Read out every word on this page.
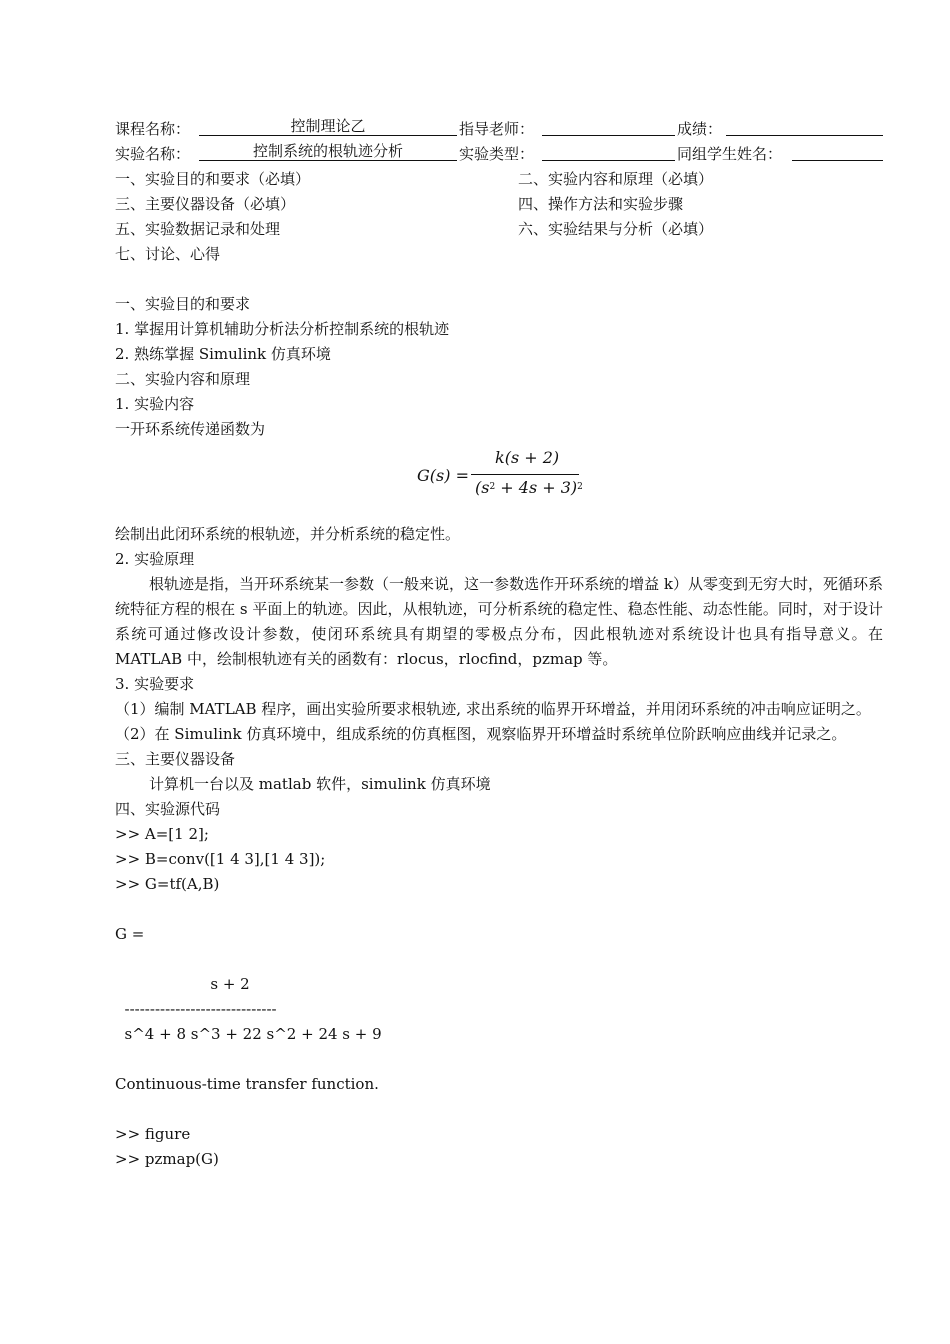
课程名称：	控制理论乙	指导老师：	成绩：
实验名称：	控制系统的根轨迹分析	实验类型：	同组学生姓名：
一、实验目的和要求（必填）	二、实验内容和原理（必填）
三、主要仪器设备（必填）	四、操作方法和实验步骤
五、实验数据记录和处理	六、实验结果与分析（必填）
七、讨论、心得
一、实验目的和要求
1. 掌握用计算机辅助分析法分析控制系统的根轨迹
2. 熟练掌握 Simulink 仿真环境
二、实验内容和原理
1. 实验内容
一开环系统传递函数为
G(s) =
k(s + 2)
$(s^2 + 4s + 3)^2$
绘制出此闭环系统的根轨迹，并分析系统的稳定性。
2. 实验原理
根轨迹是指，当开环系统某一参数（一般来说，这一参数选作开环系统的增益 k）从零变到无穷大时，死循环系统特征方程的根在 s 平面上的轨迹。因此，从根轨迹，可分析系统的稳定性、稳态性能、动态性能。同时，对于设计系统可通过修改设计参数，使闭环系统具有期望的零极点分布，因此根轨迹对系统设计也具有指导意义。在 MATLAB 中，绘制根轨迹有关的函数有：rlocus，rlocfind，pzmap 等。
3. 实验要求
（1）编制 MATLAB 程序，画出实验所要求根轨迹, 求出系统的临界开环增益，并用闭环系统的冲击响应证明之。
（2）在 Simulink 仿真环境中，组成系统的仿真框图，观察临界开环增益时系统单位阶跃响应曲线并记录之。
三、主要仪器设备
计算机一台以及 matlab 软件，simulink 仿真环境
四、实验源代码
>> A=[1 2];
>> B=conv([1 4 3],[1 4 3]);
>> G=tf(A,B)
G =
s + 2
------------------------------
s^4 + 8 s^3 + 22 s^2 + 24 s + 9
Continuous-time transfer function.
>> figure
>> pzmap(G)
